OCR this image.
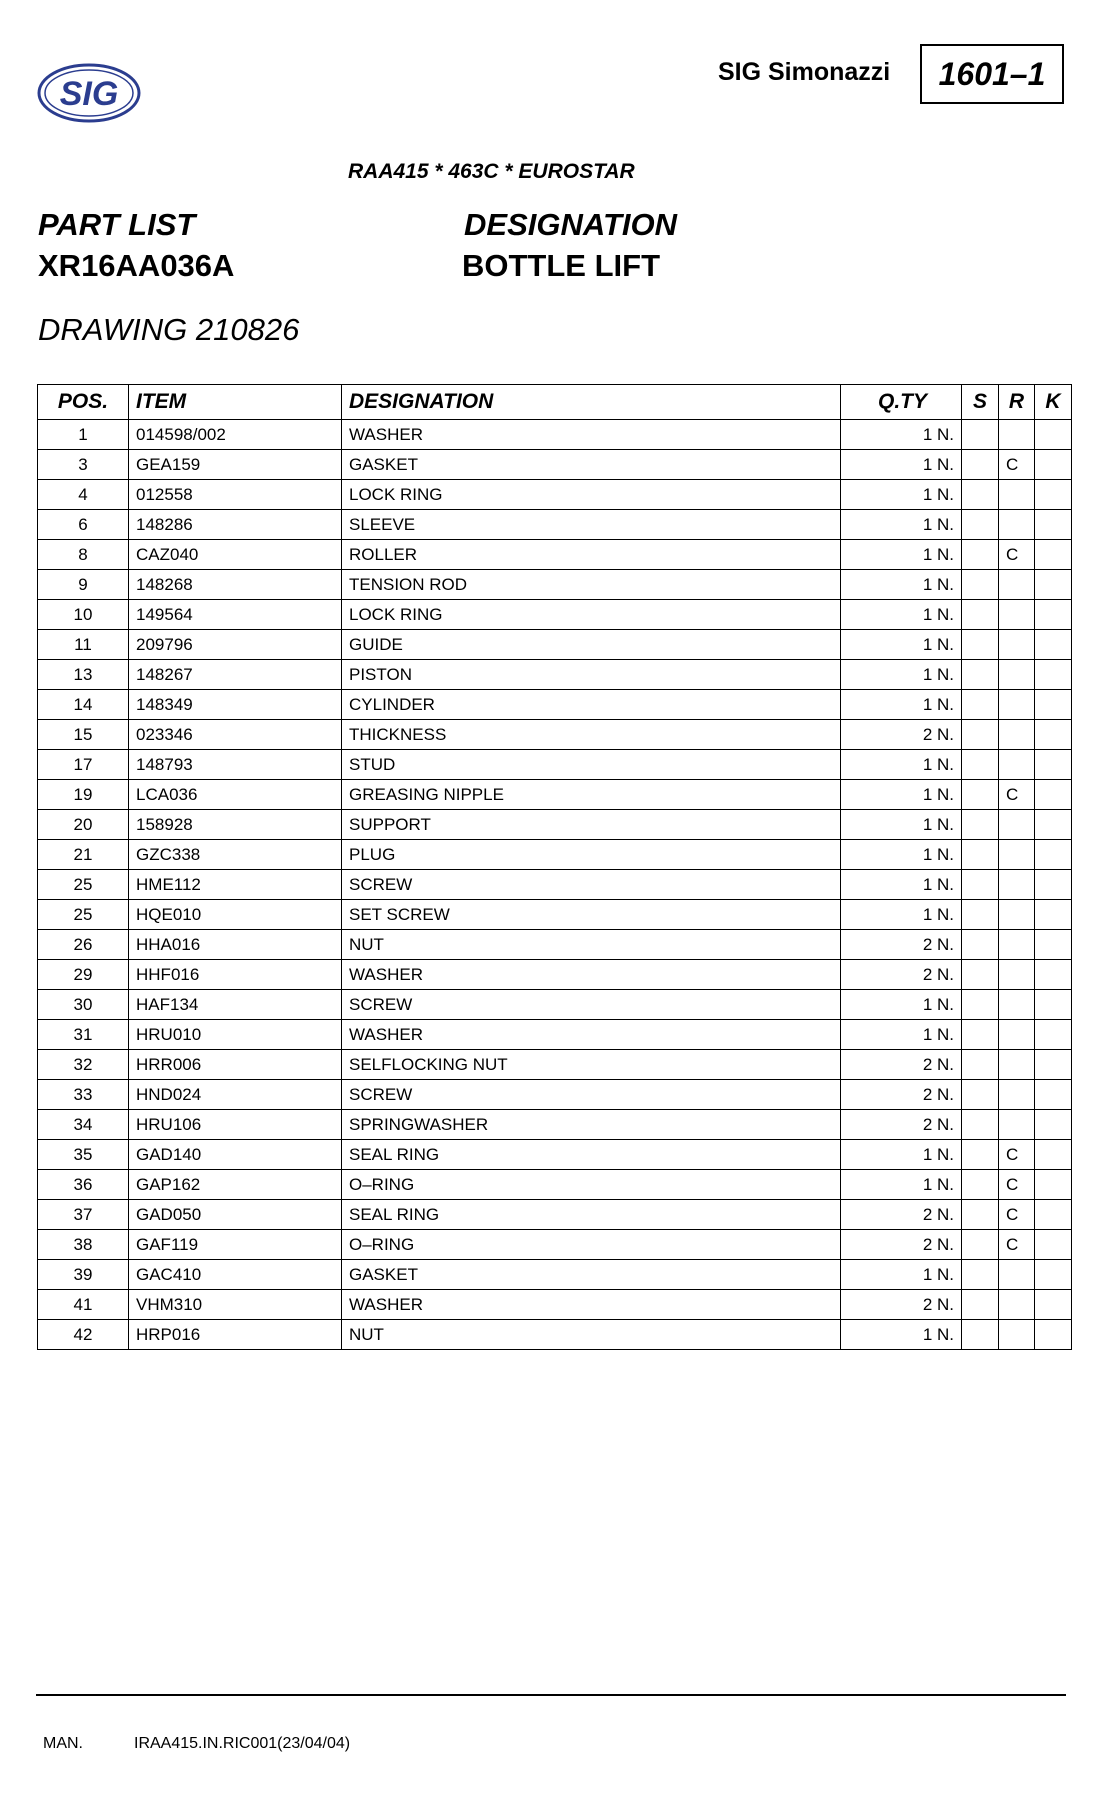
SIG
SIG Simonazzi 1601–1
RAA415 * 463C * EUROSTAR
PART LIST
XR16AA036A
DESIGNATION
BOTTLE LIFT
DRAWING 210826
POS.	ITEM	DESIGNATION	Q.TY	S	R	K
1	014598/002	WASHER	1 N.			
3	GEA159	GASKET	1 N.		C	
4	012558	LOCK RING	1 N.			
6	148286	SLEEVE	1 N.			
8	CAZ040	ROLLER	1 N.		C	
9	148268	TENSION ROD	1 N.			
10	149564	LOCK RING	1 N.			
11	209796	GUIDE	1 N.			
13	148267	PISTON	1 N.			
14	148349	CYLINDER	1 N.			
15	023346	THICKNESS	2 N.			
17	148793	STUD	1 N.			
19	LCA036	GREASING NIPPLE	1 N.		C	
20	158928	SUPPORT	1 N.			
21	GZC338	PLUG	1 N.			
25	HME112	SCREW	1 N.			
25	HQE010	SET SCREW	1 N.			
26	HHA016	NUT	2 N.			
29	HHF016	WASHER	2 N.			
30	HAF134	SCREW	1 N.			
31	HRU010	WASHER	1 N.			
32	HRR006	SELFLOCKING NUT	2 N.			
33	HND024	SCREW	2 N.			
34	HRU106	SPRINGWASHER	2 N.			
35	GAD140	SEAL RING	1 N.		C	
36	GAP162	O–RING	1 N.		C	
37	GAD050	SEAL RING	2 N.		C	
38	GAF119	O–RING	2 N.		C	
39	GAC410	GASKET	1 N.			
41	VHM310	WASHER	2 N.			
42	HRP016	NUT	1 N.			
MAN.	IRAA415.IN.RIC001(23/04/04)
